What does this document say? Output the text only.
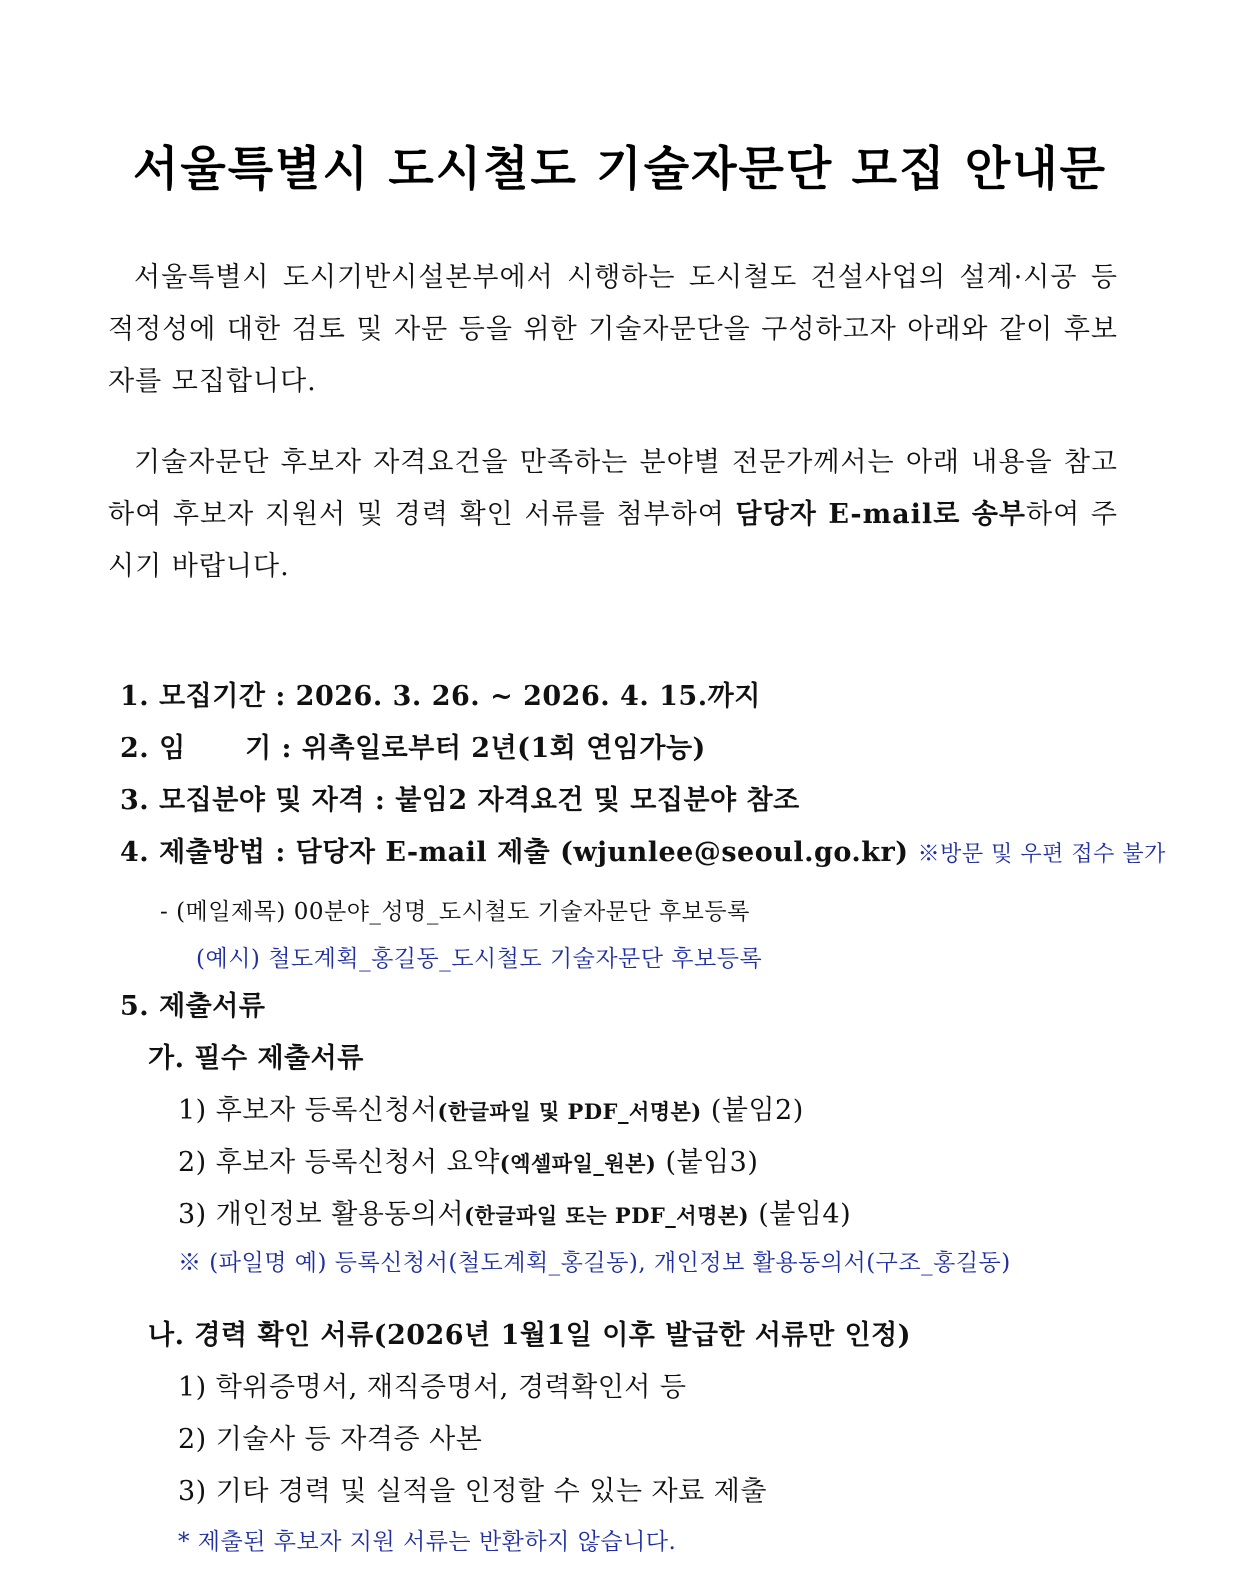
서울특별시 도시철도 기술자문단 모집 안내문
서울특별시 도시기반시설본부에서 시행하는 도시철도 건설사업의 설계·시공 등 적정성에 대한 검토 및 자문 등을 위한 기술자문단을 구성하고자 아래와 같이 후보자를 모집합니다.
기술자문단 후보자 자격요건을 만족하는 분야별 전문가께서는 아래 내용을 참고하여 후보자 지원서 및 경력 확인 서류를 첨부하여 담당자 E-mail로 송부하여 주시기 바랍니다.
1. 모집기간 : 2026. 3. 26. ~ 2026. 4. 15.까지
2. 임      기 : 위촉일로부터 2년(1회 연임가능)
3. 모집분야 및 자격 : 붙임2 자격요건 및 모집분야 참조
4. 제출방법 : 담당자 E-mail 제출 (wjunlee@seoul.go.kr) ※방문 및 우편 접수 불가
- (메일제목) 00분야_성명_도시철도 기술자문단 후보등록
(예시) 철도계획_홍길동_도시철도 기술자문단 후보등록
5. 제출서류
가. 필수 제출서류
1) 후보자 등록신청서(한글파일 및 PDF_서명본) (붙임2)
2) 후보자 등록신청서 요약(엑셀파일_원본) (붙임3)
3) 개인정보 활용동의서(한글파일 또는 PDF_서명본) (붙임4)
※ (파일명 예) 등록신청서(철도계획_홍길동), 개인정보 활용동의서(구조_홍길동)
나. 경력 확인 서류(2026년 1월1일 이후 발급한 서류만 인정)
1) 학위증명서, 재직증명서, 경력확인서 등
2) 기술사 등 자격증 사본
3) 기타 경력 및 실적을 인정할 수 있는 자료 제출
* 제출된 후보자 지원 서류는 반환하지 않습니다.
